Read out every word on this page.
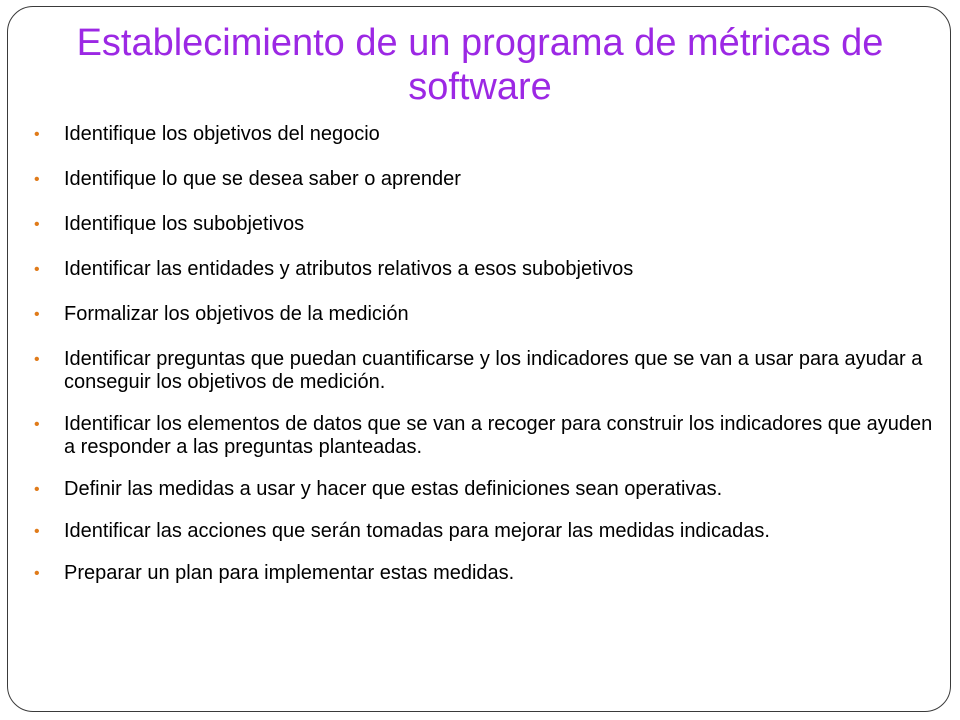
Establecimiento de un programa de métricas de software
• Identifique los objetivos del negocio
• Identifique lo que se desea saber o aprender
• Identifique los subobjetivos
• Identificar las entidades y atributos relativos a esos subobjetivos
• Formalizar los objetivos de la medición
• Identificar preguntas que puedan cuantificarse y los indicadores que se van a usar para ayudar a conseguir los objetivos de medición.
• Identificar los elementos de datos que se van a recoger para construir los indicadores que ayuden a responder a las preguntas planteadas.
• Definir las medidas a usar y hacer que estas definiciones sean operativas.
• Identificar las acciones que serán tomadas para mejorar las medidas indicadas.
• Preparar un plan para implementar estas medidas.
